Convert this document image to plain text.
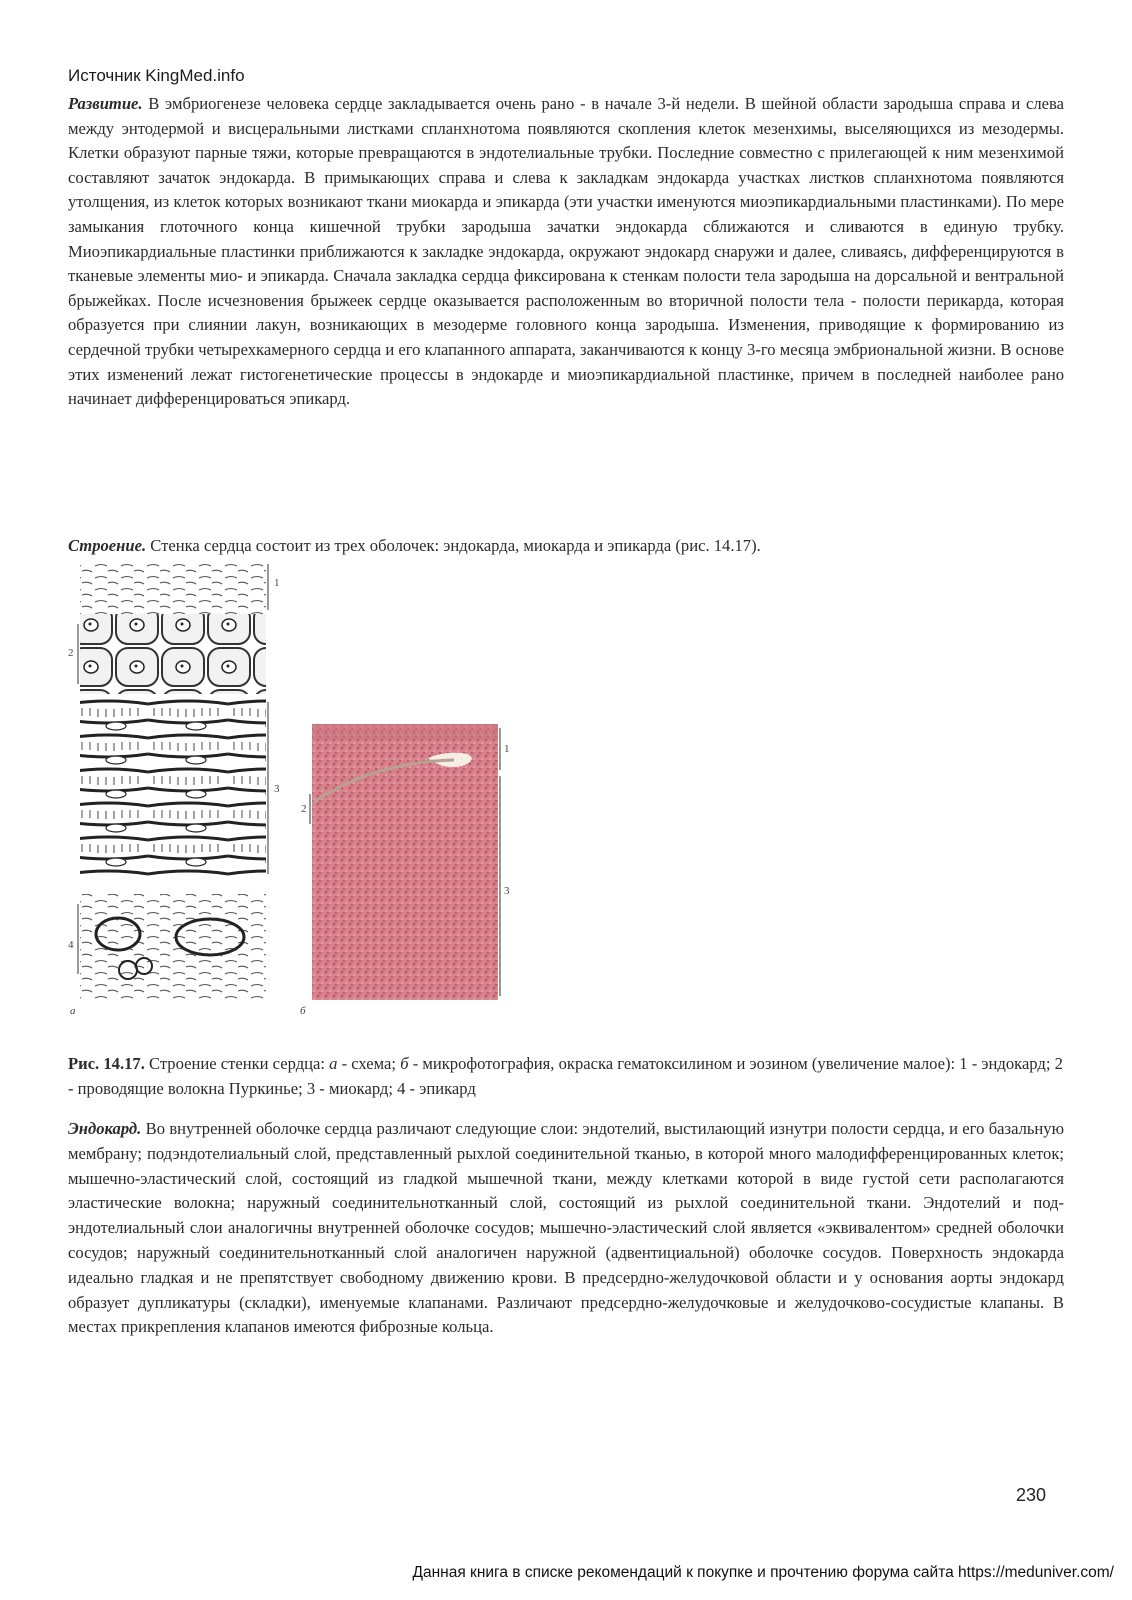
Источник KingMed.info

Развитие. В эмбриогенезе человека сердце закладывается очень рано - в начале 3-й недели. В шейной области зародыша справа и слева между энтодермой и висцеральными листками спланхнотома появляются скопления клеток мезенхимы, выселяющихся из мезодермы. Клетки образуют парные тяжи, которые превращаются в эндотелиальные трубки. Последние совместно с прилегающей к ним мезенхимой составляют зачаток эндокарда. В примыкающих справа и слева к закладкам эндокарда участках листков спланхнотома появляются утолщения, из клеток которых возникают ткани миокарда и эпикарда (эти участки именуются миоэпикардиальными пластинками). По мере замыкания глоточного конца кишечной трубки зародыша зачатки эндокарда сближаются и сливаются в единую трубку. Миоэпикардиальные пластинки приближаются к закладке эндокарда, окружают эндокард снаружи и далее, сливаясь, дифференцируются в тканевые элементы мио- и эпикарда. Сначала закладка сердца фиксирована к стенкам полости тела зародыша на дорсальной и вентральной брыжейках. После исчезновения брыжеек сердце оказывается расположенным во вторичной полости тела - полости перикарда, которая образуется при слиянии лакун, возникающих в мезодерме головного конца зародыша. Изменения, приводящие к формированию из сердечной трубки четырехкамерного сердца и его клапанного аппарата, заканчиваются к концу 3-го месяца эмбриональной жизни. В основе этих изменений лежат гистогенетические процессы в эндокарде и миоэпикардиальной пластинке, причем в последней наиболее рано начинает дифференцироваться эпикард.

Строение. Стенка сердца состоит из трех оболочек: эндокарда, миокарда и эпикарда (рис. 14.17).

1
2
3
4
а
1
2
3
б

Рис. 14.17. Строение стенки сердца: а - схема; б - микрофотография, окраска гематоксилином и эозином (увеличение малое): 1 - эндокард; 2 - проводящие волокна Пуркинье; 3 - миокард; 4 - эпикард

Эндокард. Во внутренней оболочке сердца различают следующие слои: эндотелий, выстилающий изнутри полости сердца, и его базальную мембрану; подэндотелиальный слой, представленный рыхлой соединительной тканью, в которой много малодифференцированных клеток; мышечно-эластический слой, состоящий из гладкой мышечной ткани, между клетками которой в виде густой сети располагаются эластические волокна; наружный соединительнотканный слой, состоящий из рыхлой соединительной ткани. Эндотелий и под-эндотелиальный слои аналогичны внутренней оболочке сосудов; мышечно-эластический слой является «эквивалентом» средней оболочки сосудов; наружный соединительнотканный слой аналогичен наружной (адвентициальной) оболочке сосудов. Поверхность эндокарда идеально гладкая и не препятствует свободному движению крови. В предсердно-желудочковой области и у основания аорты эндокард образует дупликатуры (складки), именуемые клапанами. Различают предсердно-желудочковые и желудочково-сосудистые клапаны. В местах прикрепления клапанов имеются фиброзные кольца.

230
Данная книга в списке рекомендаций к покупке и прочтению форума сайта https://meduniver.com/
